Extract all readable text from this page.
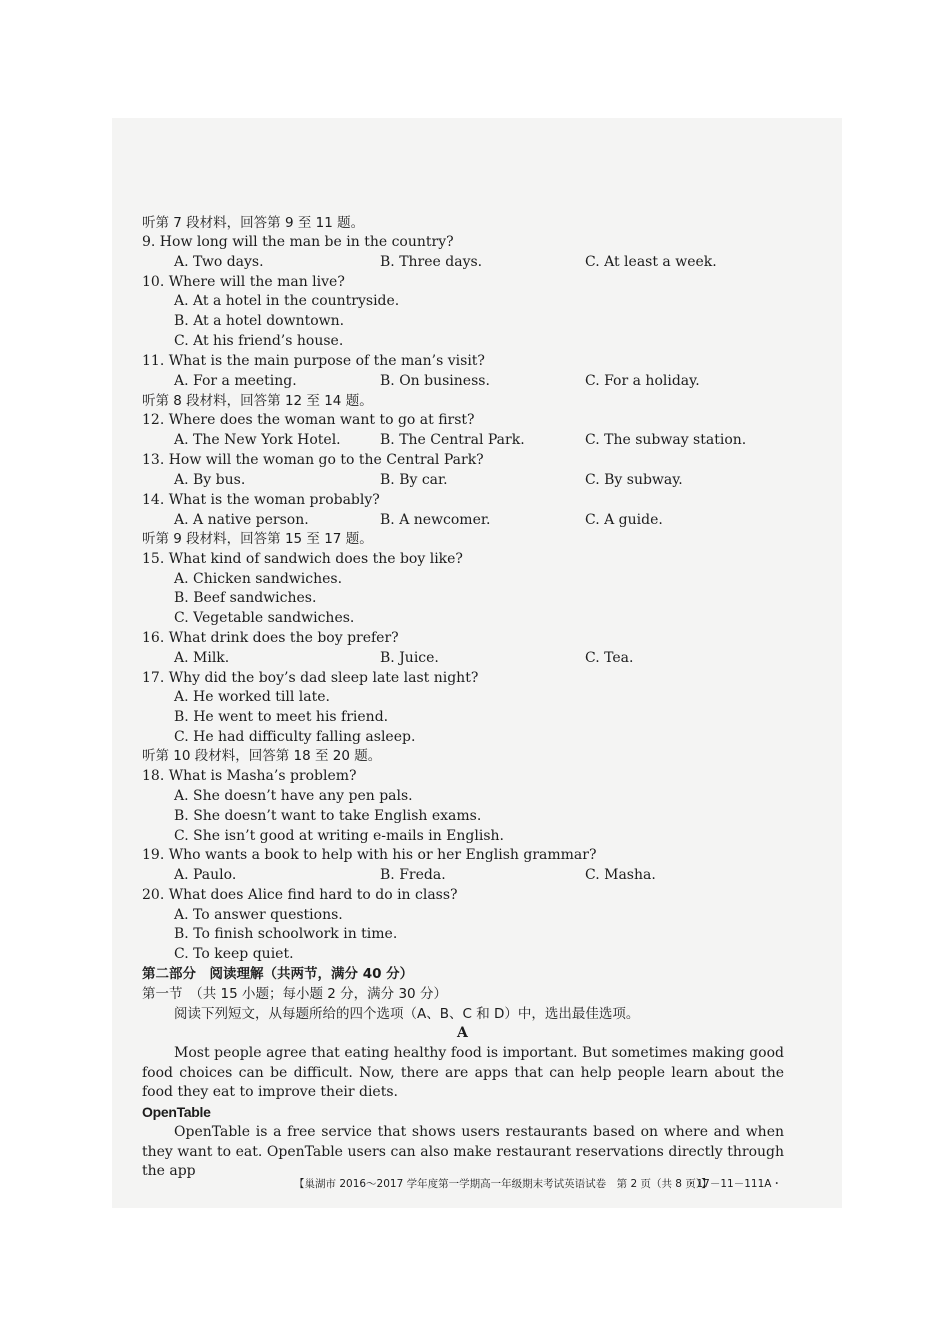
听第 7 段材料，回答第 9 至 11 题。
9. How long will the man be in the country?
A. Two days.	B. Three days.	C. At least a week.
10. Where will the man live?
A. At a hotel in the countryside.
B. At a hotel downtown.
C. At his friend’s house.
11. What is the main purpose of the man’s visit?
A. For a meeting.	B. On business.	C. For a holiday.
听第 8 段材料，回答第 12 至 14 题。
12. Where does the woman want to go at first?
A. The New York Hotel.	B. The Central Park.	C. The subway station.
13. How will the woman go to the Central Park?
A. By bus.	B. By car.	C. By subway.
14. What is the woman probably?
A. A native person.	B. A newcomer.	C. A guide.
听第 9 段材料，回答第 15 至 17 题。
15. What kind of sandwich does the boy like?
A. Chicken sandwiches.
B. Beef sandwiches.
C. Vegetable sandwiches.
16. What drink does the boy prefer?
A. Milk.	B. Juice.	C. Tea.
17. Why did the boy’s dad sleep late last night?
A. He worked till late.
B. He went to meet his friend.
C. He had difficulty falling asleep.
听第 10 段材料，回答第 18 至 20 题。
18. What is Masha’s problem?
A. She doesn’t have any pen pals.
B. She doesn’t want to take English exams.
C. She isn’t good at writing e-mails in English.
19. Who wants a book to help with his or her English grammar?
A. Paulo.	B. Freda.	C. Masha.
20. What does Alice find hard to do in class?
A. To answer questions.
B. To finish schoolwork in time.
C. To keep quiet.
第二部分　阅读理解（共两节，满分 40 分）
第一节　（共 15 小题；每小题 2 分，满分 30 分）
阅读下列短文，从每题所给的四个选项（A、B、C 和 D）中，选出最佳选项。
A
Most people agree that eating healthy food is important. But sometimes making good food choices can be difficult. Now, there are apps that can help people learn about the food they eat to improve their diets.
OpenTable
OpenTable is a free service that shows users restaurants based on where and when they want to eat. OpenTable users can also make restaurant reservations directly through the app
【巢湖市 2016～2017 学年度第一学期高一年级期末考试英语试卷　第 2 页（共 8 页）】
・17－11－111A・
